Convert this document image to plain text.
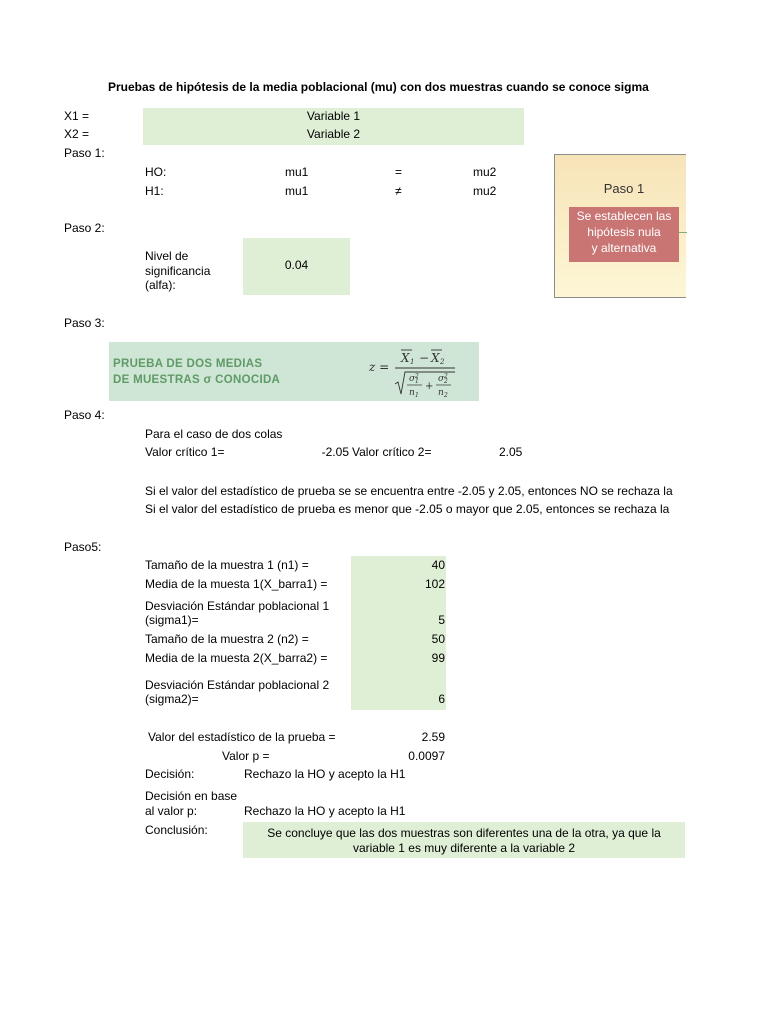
Pruebas de hipótesis de la media poblacional (mu) con dos muestras cuando se conoce sigma
X1 =	Variable 1
X2 =	Variable 2
Paso 1:
HO:	mu1	=	mu2
H1:	mu1	≠	mu2	Paso 1
Se establecen las
hipótesis nula
y alternativa
Paso 2:
Nivel de
significancia
(alfa):
0.04
Paso 3:
PRUEBA DE DOS MEDIAS
DE MUESTRAS σ CONOCIDA
z =
X 1 − X 2
σ 2
1
n 1
+
σ 2
2
n 2
Paso 4:
Para el caso de dos colas
Valor crítico 1=	-2.05 Valor crítico 2=	2.05
Si el valor del estadístico de prueba se se encuentra entre -2.05 y 2.05, entonces NO se rechaza la
Si el valor del estadístico de prueba es menor que -2.05 o mayor que 2.05, entonces se rechaza la
Paso5:
Tamaño de la muestra 1 (n1) =	40
Media de la muesta 1(X_barra1) =	102
Desviación Estándar poblacional 1
(sigma1)=	5
Tamaño de la muestra 2 (n2) =	50
Media de la muesta 2(X_barra2) =	99
Desviación Estándar poblacional 2
(sigma2)=	6
Valor del estadístico de la prueba =	2.59
Valor p =	0.0097
Decisión:	Rechazo la HO y acepto la H1
Decisión en base
al valor p:	Rechazo la HO y acepto la H1
Conclusión:	Se concluye que las dos muestras son diferentes una de la otra, ya que la
variable 1 es muy diferente a la variable 2
